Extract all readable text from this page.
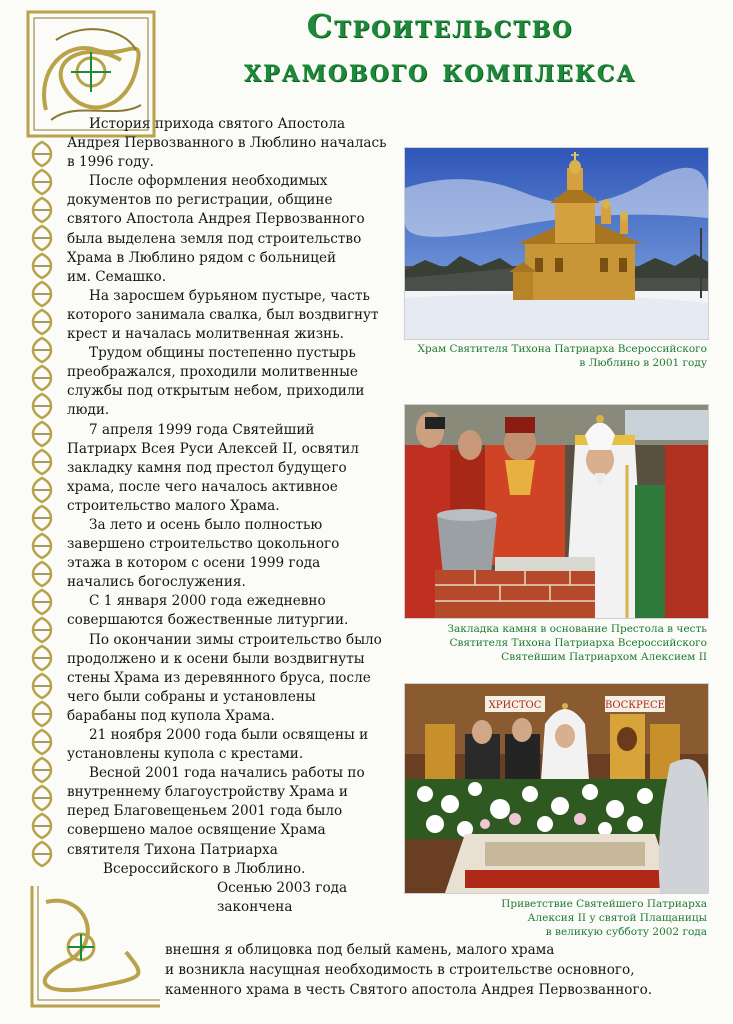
Строительство
храмового комплекса

История прихода святого Апостола

Андрея Первозванного в Люблино началась

в 1996 году.

После оформления необходимых

документов по регистрации, общине

святого Апостола Андрея Первозванного

была выделена земля под строительство

Храма в Люблино рядом с больницей

им. Семашко.

На заросшем бурьяном пустыре, часть

которого занимала свалка, был воздвигнут

крест и началась молитвенная жизнь.

Трудом общины постепенно пустырь

преображался, проходили молитвенные

службы под открытым небом, приходили

люди.

7 апреля 1999 года Святейший

Патриарх Всея Руси Алексей II, освятил

закладку камня под престол будущего

храма, после чего началось активное

строительство малого Храма.

За лето и осень было полностью

завершено строительство цокольного

этажа в котором с осени 1999 года

начались богослужения.

С 1 января 2000 года ежедневно

совершаются божественные литургии.

По окончании зимы строительство было

продолжено и к осени были воздвигнуты

стены Храма из деревянного бруса, после

чего были собраны и установлены

барабаны под купола Храма.

21 ноября 2000 года были освящены и

установлены купола с крестами.

Весной 2001 года начались работы по

внутреннему благоустройству Храма и

перед Благовещеньем 2001 года было

совершено малое освящение Храма

святителя Тихона Патриарха

Всероссийского в Люблино.

Осенью 2003 года закончена

внешня я облицовка под белый камень, малого храма
и возникла насущная необходимость в строительстве основного,
каменного храма в честь Святого апостола Андрея Первозванного.
Храм Святителя Тихона Патриарха Всероссийского
в Люблино в 2001 году
Закладка камня в основание Престола в честь
Святителя Тихона Патриарха Всероссийского
Святейшим Патриархом Алексием II
ХРИСТОС	ВОСКРЕСЕ
Приветствие Святейшего Патриарха
Алексия II у святой Плащаницы
в великую субботу 2002 года
